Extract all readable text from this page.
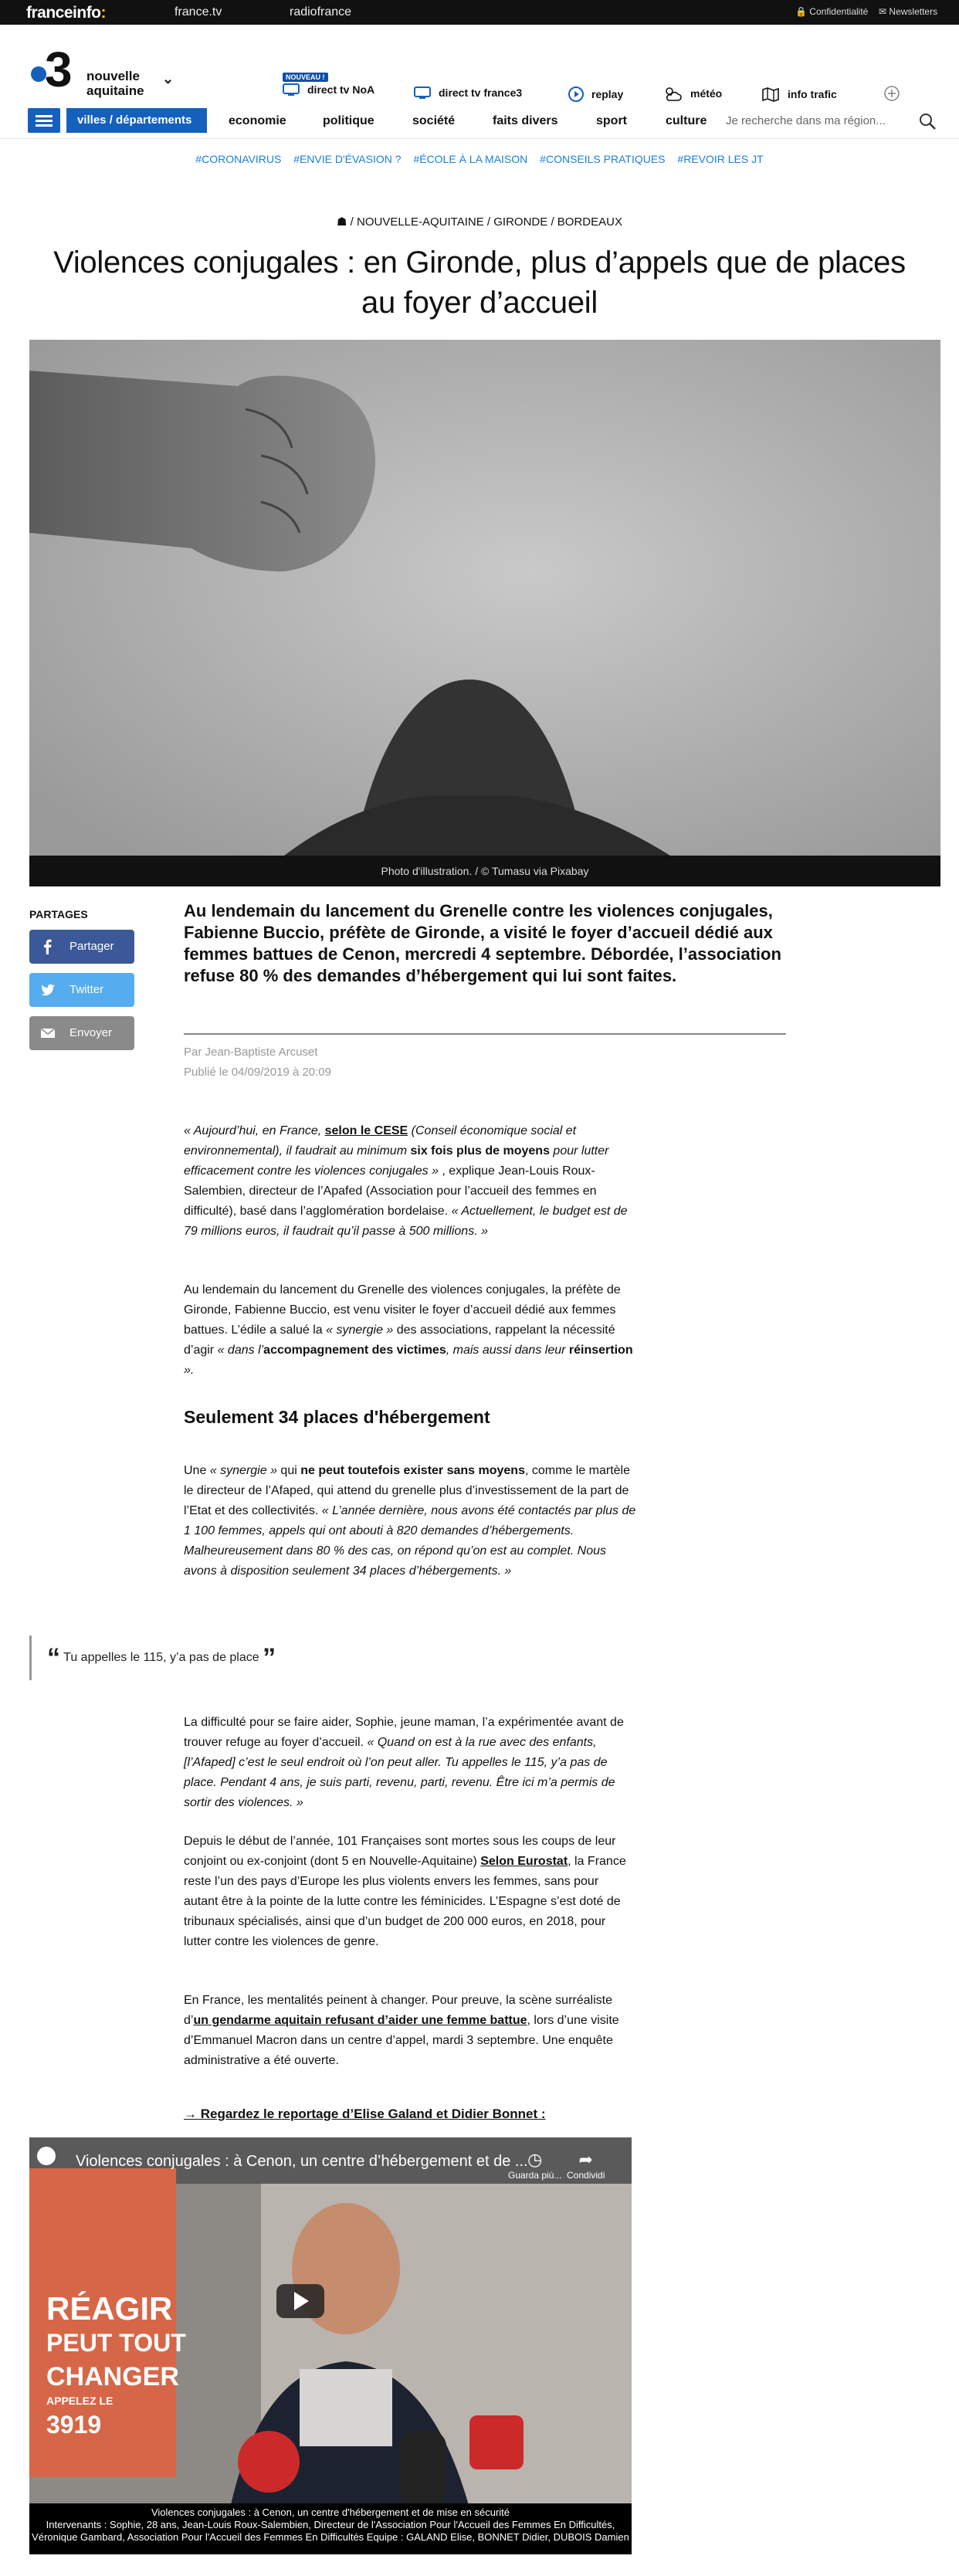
franceinfo:	france.tv	radiofrance	🔒 Confidentialité ✉ Newsletters
3 nouvelle
aquitaine
⌄	NOUVEAU !
direct tv NoA	direct tv france3	replay	météo	info trafic
villes / départements	economie	politique	société	faits divers	sport	culture Je recherche dans ma région...
#CORONAVIRUS #ENVIE D'ÉVASION ? #ÉCOLE À LA MAISON #CONSEILS PRATIQUES #REVOIR LES JT
☗ / NOUVELLE-AQUITAINE / GIRONDE / BORDEAUX
Violences conjugales : en Gironde, plus d’appels que de places au foyer d’accueil
Photo d'illustration. / © Tumasu via Pixabay
PARTAGES
Partager
Twitter
Envoyer
Au lendemain du lancement du Grenelle contre les violences conjugales, Fabienne Buccio, préfète de Gironde, a visité le foyer d’accueil dédié aux femmes battues de Cenon, mercredi 4 septembre. Débordée, l’association refuse 80 % des demandes d’hébergement qui lui sont faites.
Par Jean-Baptiste Arcuset
Publié le 04/09/2019 à 20:09
« Aujourd’hui, en France, selon le CESE (Conseil économique social et environnemental), il faudrait au minimum six fois plus de moyens pour lutter efficacement contre les violences conjugales » , explique Jean-Louis Roux-Salembien, directeur de l’Apafed (Association pour l’accueil des femmes en difficulté), basé dans l’agglomération bordelaise. « Actuellement, le budget est de 79 millions euros, il faudrait qu’il passe à 500 millions. »
Au lendemain du lancement du Grenelle des violences conjugales, la préfète de Gironde, Fabienne Buccio, est venu visiter le foyer d’accueil dédié aux femmes battues. L’édile a salué la « synergie » des associations, rappelant la nécessité d’agir « dans l’accompagnement des victimes, mais aussi dans leur réinsertion ».
Seulement 34 places d'hébergement
Une « synergie » qui ne peut toutefois exister sans moyens, comme le martèle le directeur de l’Afaped, qui attend du grenelle plus d’investissement de la part de l’Etat et des collectivités. « L’année dernière, nous avons été contactés par plus de 1 100 femmes, appels qui ont abouti à 820 demandes d’hébergements. Malheureusement dans 80 % des cas, on répond qu’on est au complet. Nous avons à disposition seulement 34 places d’hébergements. »
“ Tu appelles le 115, y’a pas de place ”
La difficulté pour se faire aider, Sophie, jeune maman, l’a expérimentée avant de trouver refuge au foyer d’accueil. « Quand on est à la rue avec des enfants, [l’Afaped] c’est le seul endroit où l’on peut aller. Tu appelles le 115, y’a pas de place. Pendant 4 ans, je suis parti, revenu, parti, revenu. Être ici m’a permis de sortir des violences. »
Depuis le début de l’année, 101 Françaises sont mortes sous les coups de leur conjoint ou ex-conjoint (dont 5 en Nouvelle-Aquitaine) Selon Eurostat, la France reste l’un des pays d’Europe les plus violents envers les femmes, sans pour autant être à la pointe de la lutte contre les féminicides. L’Espagne s’est doté de tribunaux spécialisés, ainsi que d’un budget de 200 000 euros, en 2018, pour lutter contre les violences de genre.
En France, les mentalités peinent à changer. Pour preuve, la scène surréaliste d’un gendarme aquitain refusant d’aider une femme battue, lors d’une visite d’Emmanuel Macron dans un centre d’appel, mardi 3 septembre. Une enquête administrative a été ouverte.
→ Regardez le reportage d’Elise Galand et Didier Bonnet :
Violences conjugales : à Cenon, un centre d’hébergement et de ...
RÉAGIR
PEUT TOUT
CHANGER
APPELEZ LE
3919
◷
Guarda più...
➦
Condividi
Violences conjugales : à Cenon, un centre d'hébergement et de mise en sécurité
Intervenants : Sophie, 28 ans, Jean-Louis Roux-Salembien, Directeur de l'Association Pour l'Accueil des Femmes En Difficultés, Véronique Gambard, Association Pour l'Accueil des Femmes En Difficultés Equipe : GALAND Elise, BONNET Didier, DUBOIS Damien
